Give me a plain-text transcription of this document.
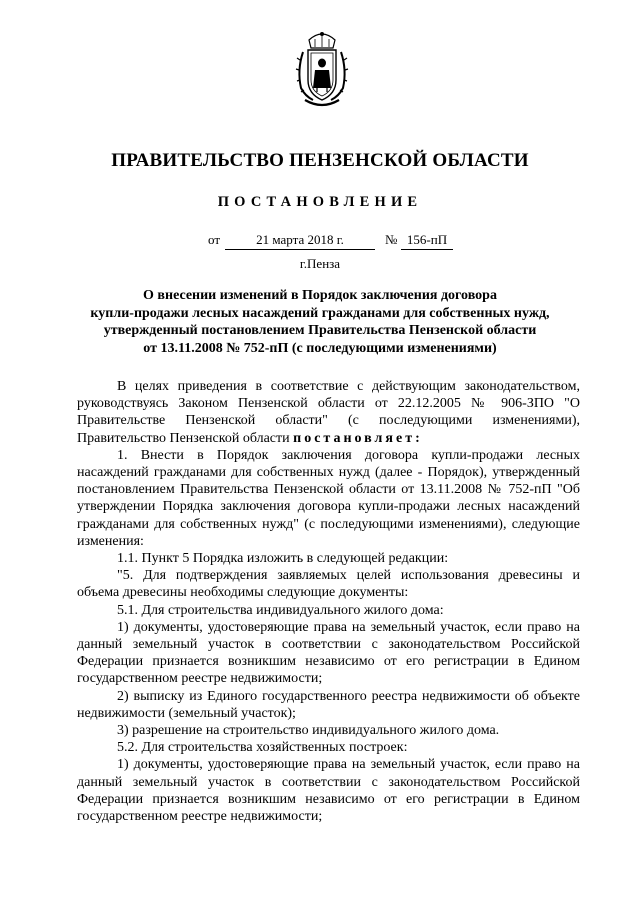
ПРАВИТЕЛЬСТВО ПЕНЗЕНСКОЙ ОБЛАСТИ
ПОСТАНОВЛЕНИЕ
от	21 марта 2018 г.	№ 156-пП
г.Пенза
О внесении изменений в Порядок заключения договора
купли-продажи лесных насаждений гражданами для собственных нужд,
утвержденный постановлением Правительства Пензенской области
от 13.11.2008 № 752-пП (с последующими изменениями)

В целях приведения в соответствие с действующим законодательством, руководствуясь Законом Пензенской области от 22.12.2005 № 906-ЗПО "О Правительстве Пензенской области" (с последующими изменениями), Правительство Пензенской области постановляет:

1. Внести в Порядок заключения договора купли-продажи лесных насаждений гражданами для собственных нужд (далее - Порядок), утвержденный постановлением Правительства Пензенской области от 13.11.2008 № 752-пП "Об утверждении Порядка заключения договора купли-продажи лесных насаждений гражданами для собственных нужд" (с последующими изменениями), следующие изменения:

1.1. Пункт 5 Порядка изложить в следующей редакции:

"5. Для подтверждения заявляемых целей использования древесины и объема древесины необходимы следующие документы:

5.1. Для строительства индивидуального жилого дома:

1) документы, удостоверяющие права на земельный участок, если право на данный земельный участок в соответствии с законодательством Российской Федерации признается возникшим независимо от его регистрации в Едином государственном реестре недвижимости;

2) выписку из Единого государственного реестра недвижимости об объекте недвижимости (земельный участок);

3) разрешение на строительство индивидуального жилого дома.

5.2. Для строительства хозяйственных построек:

1) документы, удостоверяющие права на земельный участок, если право на данный земельный участок в соответствии с законодательством Российской Федерации признается возникшим независимо от его регистрации в Едином государственном реестре недвижимости;
